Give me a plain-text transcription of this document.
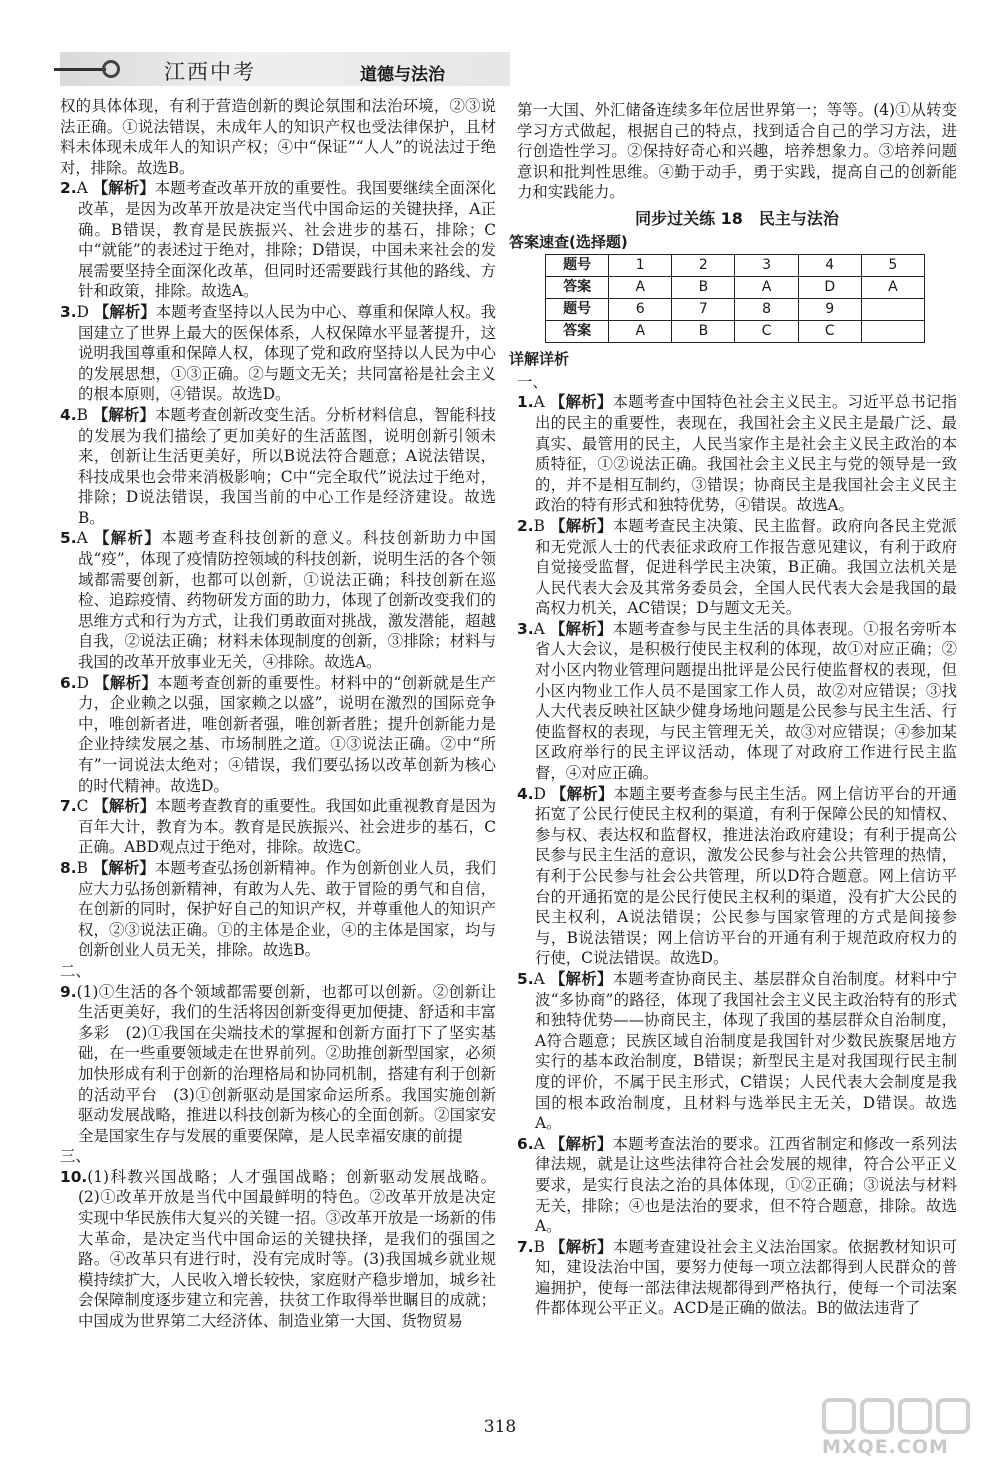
江西中考	道德与法治

权的具体体现，有利于营造创新的舆论氛围和法治环境，②③说法正确。①说法错误，未成年人的知识产权也受法律保护，且材料未体现未成年人的知识产权；④中“保证”“人人”的说法过于绝对，排除。故选B。

2.A 【解析】本题考查改革开放的重要性。我国要继续全面深化改革，是因为改革开放是决定当代中国命运的关键抉择，A正确。B错误，教育是民族振兴、社会进步的基石，排除；C中“就能”的表述过于绝对，排除；D错误，中国未来社会的发展需要坚持全面深化改革，但同时还需要践行其他的路线、方针和政策，排除。故选A。

3.D 【解析】本题考查坚持以人民为中心、尊重和保障人权。我国建立了世界上最大的医保体系，人权保障水平显著提升，这说明我国尊重和保障人权，体现了党和政府坚持以人民为中心的发展思想，①③正确。②与题文无关；共同富裕是社会主义的根本原则，④错误。故选D。

4.B 【解析】本题考查创新改变生活。分析材料信息，智能科技的发展为我们描绘了更加美好的生活蓝图，说明创新引领未来，创新让生活更美好，所以B说法符合题意；A说法错误，科技成果也会带来消极影响；C中“完全取代”说法过于绝对，排除；D说法错误，我国当前的中心工作是经济建设。故选B。

5.A 【解析】本题考查科技创新的意义。科技创新助力中国战“疫”，体现了疫情防控领域的科技创新，说明生活的各个领域都需要创新，也都可以创新，①说法正确；科技创新在巡检、追踪疫情、药物研发方面的助力，体现了创新改变我们的思维方式和行为方式，让我们勇敢面对挑战，激发潜能，超越自我，②说法正确；材料未体现制度的创新，③排除；材料与我国的改革开放事业无关，④排除。故选A。

6.D 【解析】本题考查创新的重要性。材料中的“创新就是生产力，企业赖之以强，国家赖之以盛”，说明在激烈的国际竞争中，唯创新者进，唯创新者强，唯创新者胜；提升创新能力是企业持续发展之基、市场制胜之道。①③说法正确。②中“所有”一词说法太绝对；④错误，我们要弘扬以改革创新为核心的时代精神。故选D。

7.C 【解析】本题考查教育的重要性。我国如此重视教育是因为百年大计，教育为本。教育是民族振兴、社会进步的基石，C正确。ABD观点过于绝对，排除。故选C。

8.B 【解析】本题考查弘扬创新精神。作为创新创业人员，我们应大力弘扬创新精神，有敢为人先、敢于冒险的勇气和自信，在创新的同时，保护好自己的知识产权，并尊重他人的知识产权，②③说法正确。①的主体是企业，④的主体是国家，均与创新创业人员无关，排除。故选B。

二、

9.(1)①生活的各个领域都需要创新，也都可以创新。②创新让生活更美好，我们的生活将因创新变得更加便捷、舒适和丰富多彩　(2)①我国在尖端技术的掌握和创新方面打下了坚实基础，在一些重要领域走在世界前列。②助推创新型国家，必须加快形成有利于创新的治理格局和协同机制，搭建有利于创新的活动平台　(3)①创新驱动是国家命运所系。我国实施创新驱动发展战略，推进以科技创新为核心的全面创新。②国家安全是国家生存与发展的重要保障，是人民幸福安康的前提

三、

10.(1)科教兴国战略；人才强国战略；创新驱动发展战略。(2)①改革开放是当代中国最鲜明的特色。②改革开放是决定实现中华民族伟大复兴的关键一招。③改革开放是一场新的伟大革命，是决定当代中国命运的关键抉择，是我们的强国之路。④改革只有进行时，没有完成时等。(3)我国城乡就业规模持续扩大，人民收入增长较快，家庭财产稳步增加，城乡社会保障制度逐步建立和完善，扶贫工作取得举世瞩目的成就；中国成为世界第二大经济体、制造业第一大国、货物贸易

第一大国、外汇储备连续多年位居世界第一；等等。(4)①从转变学习方式做起，根据自己的特点，找到适合自己的学习方法，进行创造性学习。②保持好奇心和兴趣，培养想象力。③培养问题意识和批判性思维。④勤于动手，勇于实践，提高自己的创新能力和实践能力。

同步过关练 18　民主与法治
答案速查(选择题)
题号	1	2	3	4	5
答案	A	B	A	D	A
题号	6	7	8	9	
答案	A	B	C	C	
详解详析

一、

1.A 【解析】本题考查中国特色社会主义民主。习近平总书记指出的民主的重要性，表现在，我国社会主义民主是最广泛、最真实、最管用的民主，人民当家作主是社会主义民主政治的本质特征，①②说法正确。我国社会主义民主与党的领导是一致的，并不是相互制约，③错误；协商民主是我国社会主义民主政治的特有形式和独特优势，④错误。故选A。

2.B 【解析】本题考查民主决策、民主监督。政府向各民主党派和无党派人士的代表征求政府工作报告意见建议，有利于政府自觉接受监督，促进科学民主决策，B正确。我国立法机关是人民代表大会及其常务委员会，全国人民代表大会是我国的最高权力机关，AC错误；D与题文无关。

3.A 【解析】本题考查参与民主生活的具体表现。①报名旁听本省人大会议，是积极行使民主权利的体现，故①对应正确；②对小区内物业管理问题提出批评是公民行使监督权的表现，但小区内物业工作人员不是国家工作人员，故②对应错误；③找人大代表反映社区缺少健身场地问题是公民参与民主生活、行使监督权的表现，与民主管理无关，故③对应错误；④参加某区政府举行的民主评议活动，体现了对政府工作进行民主监督，④对应正确。

4.D 【解析】本题主要考查参与民主生活。网上信访平台的开通拓宽了公民行使民主权利的渠道，有利于保障公民的知情权、参与权、表达权和监督权，推进法治政府建设；有利于提高公民参与民主生活的意识，激发公民参与社会公共管理的热情，有利于公民参与社会公共管理，所以D符合题意。网上信访平台的开通拓宽的是公民行使民主权利的渠道，没有扩大公民的民主权利，A说法错误；公民参与国家管理的方式是间接参与，B说法错误；网上信访平台的开通有利于规范政府权力的行使，C说法错误。故选D。

5.A 【解析】本题考查协商民主、基层群众自治制度。材料中宁波“多协商”的路径，体现了我国社会主义民主政治特有的形式和独特优势——协商民主，体现了我国的基层群众自治制度，A符合题意；民族区域自治制度是我国针对少数民族聚居地方实行的基本政治制度，B错误；新型民主是对我国现行民主制度的评价，不属于民主形式，C错误；人民代表大会制度是我国的根本政治制度，且材料与选举民主无关，D错误。故选A。

6.A 【解析】本题考查法治的要求。江西省制定和修改一系列法律法规，就是让这些法律符合社会发展的规律，符合公平正义要求，是实行良法之治的具体体现，①②正确；③说法与材料无关，排除；④也是法治的要求，但不符合题意，排除。故选A。

7.B 【解析】本题考查建设社会主义法治国家。依据教材知识可知，建设法治中国，要努力使每一项立法都得到人民群众的普遍拥护，使每一部法律法规都得到严格执行，使每一个司法案件都体现公平正义。ACD是正确的做法。B的做法违背了

318
MXQE.COM
